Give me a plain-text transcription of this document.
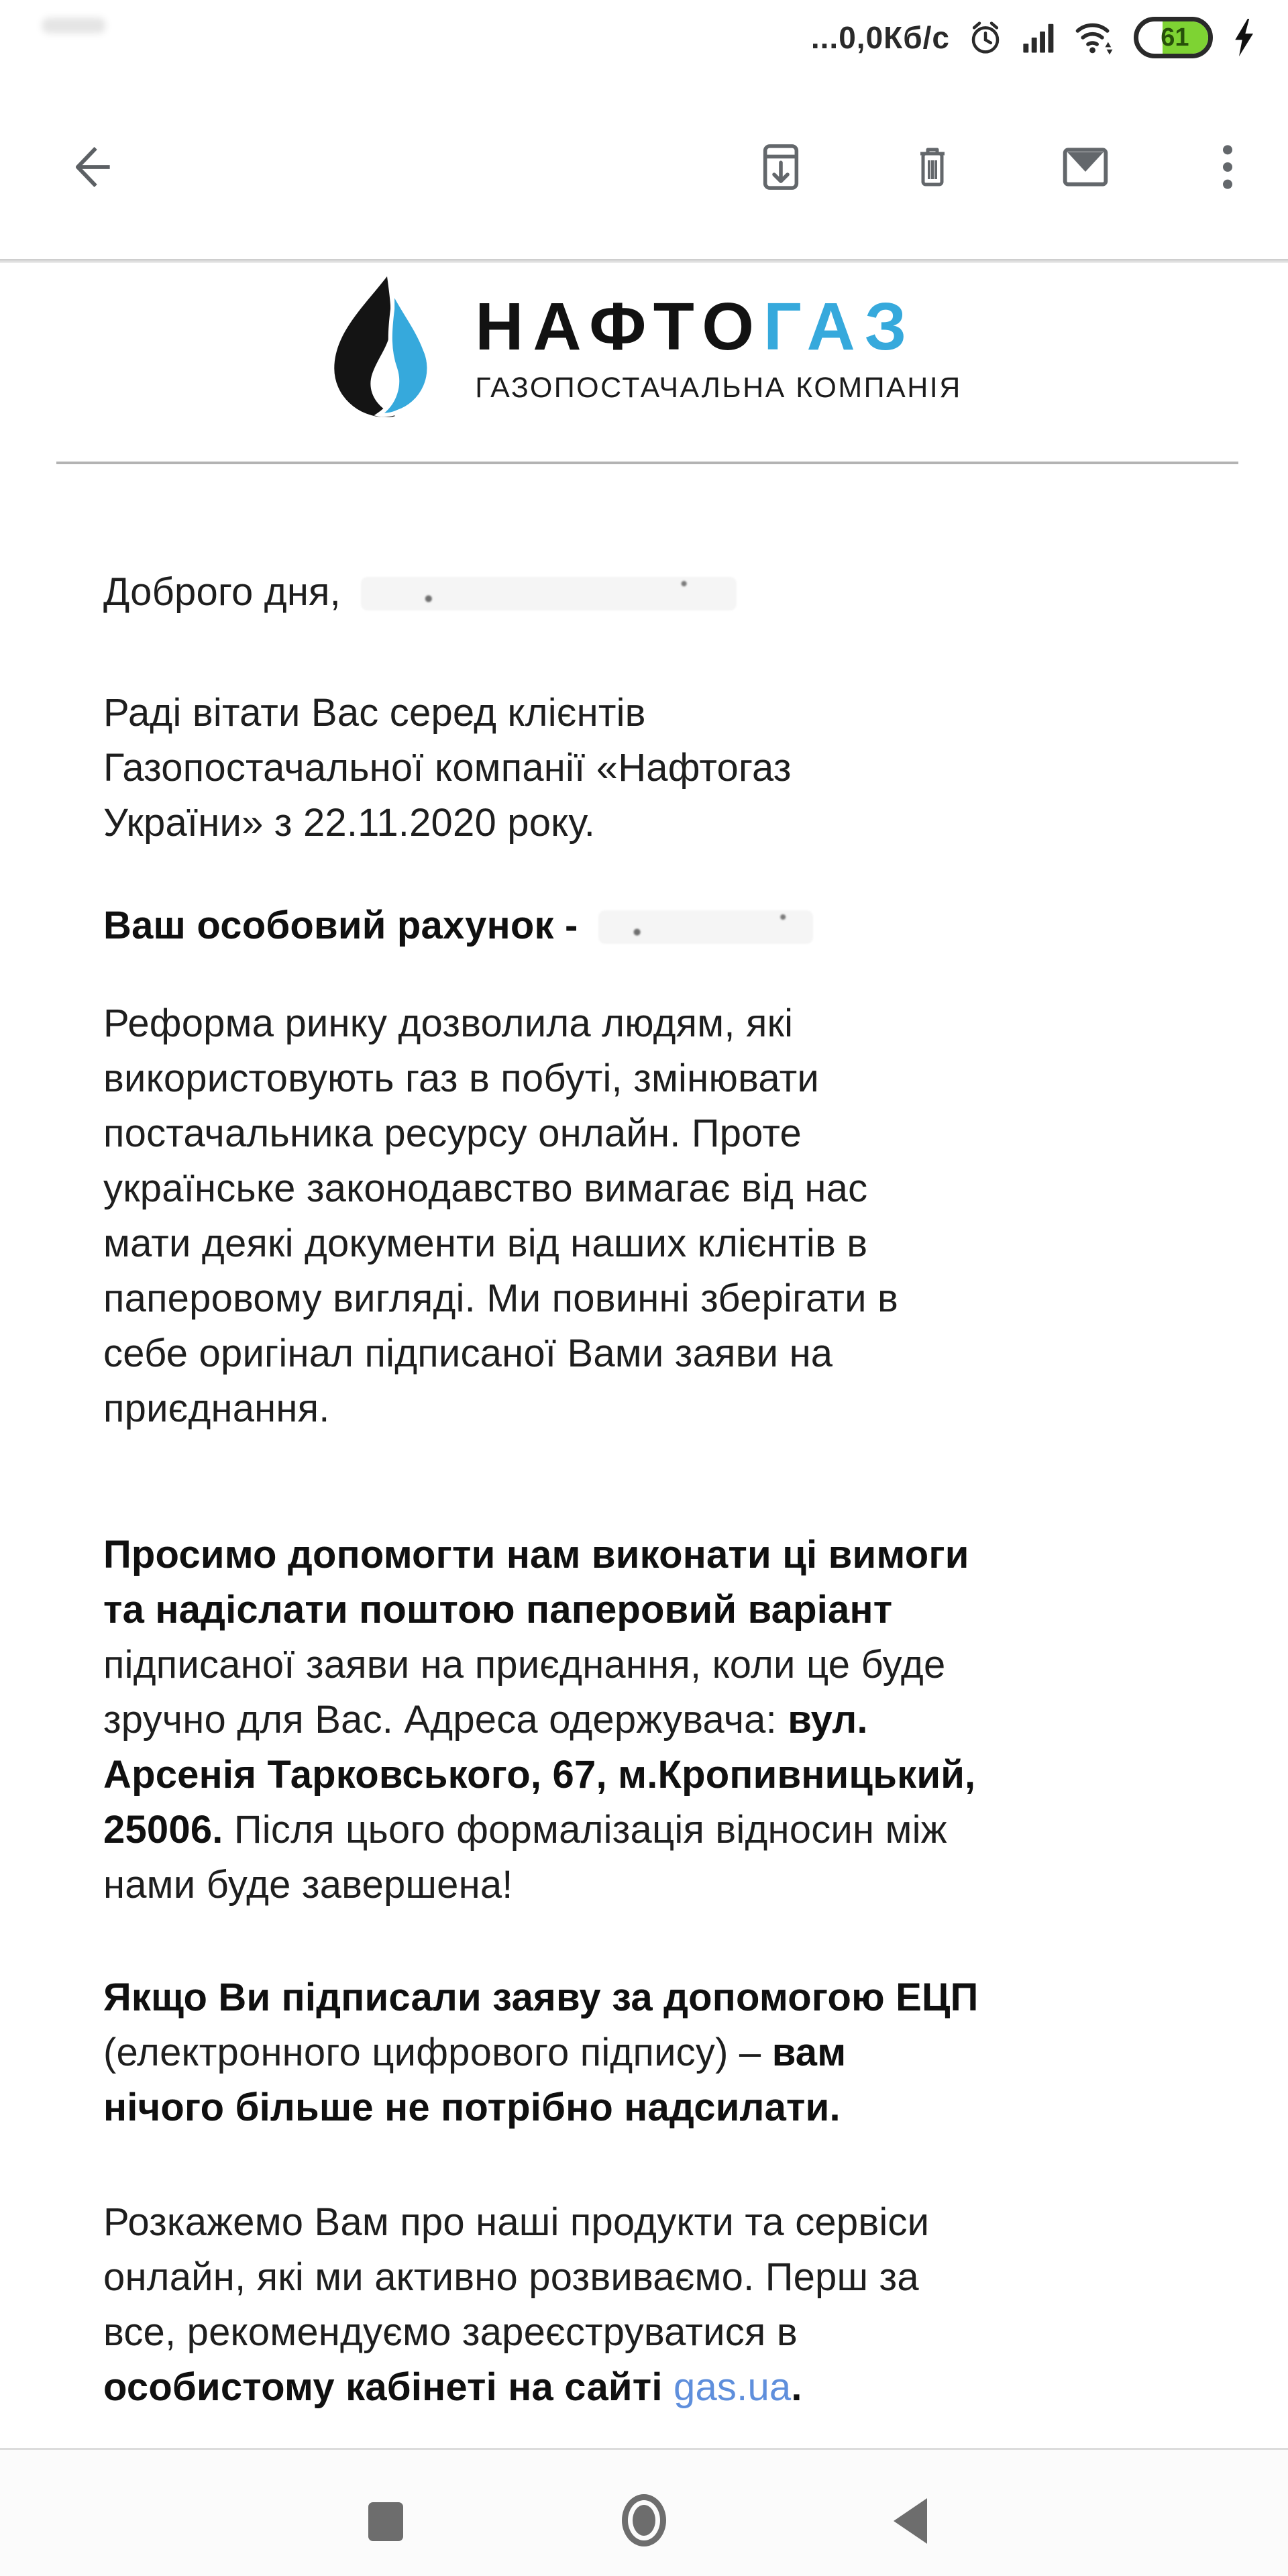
...0,0Кб/с	61
НАФТОГАЗ
ГАЗОПОСТАЧАЛЬНА КОМПАНІЯ
Доброго дня,
Раді вітати Вас серед клієнтів
Газопостачальної компанії «Нафтогаз
України» з 22.11.2020 року.
Ваш особовий рахунок -
Реформа ринку дозволила людям, які
використовують газ в побуті, змінювати
постачальника ресурсу онлайн. Проте
українське законодавство вимагає від нас
мати деякі документи від наших клієнтів в
паперовому вигляді. Ми повинні зберігати в
себе оригінал підписаної Вами заяви на
приєднання.
Просимо допомогти нам виконати ці вимоги
та надіслати поштою паперовий варіант
підписаної заяви на приєднання, коли це буде
зручно для Вас. Адреса одержувача: вул.
Арсенія Тарковського, 67, м.Кропивницький,
25006. Після цього формалізація відносин між
нами буде завершена!
Якщо Ви підписали заяву за допомогою ЕЦП
(електронного цифрового підпису) – вам
нічого більше не потрібно надсилати.
Розкажемо Вам про наші продукти та сервіси
онлайн, які ми активно розвиваємо. Перш за
все, рекомендуємо зареєструватися в
особистому кабінеті на сайті gas.ua.
